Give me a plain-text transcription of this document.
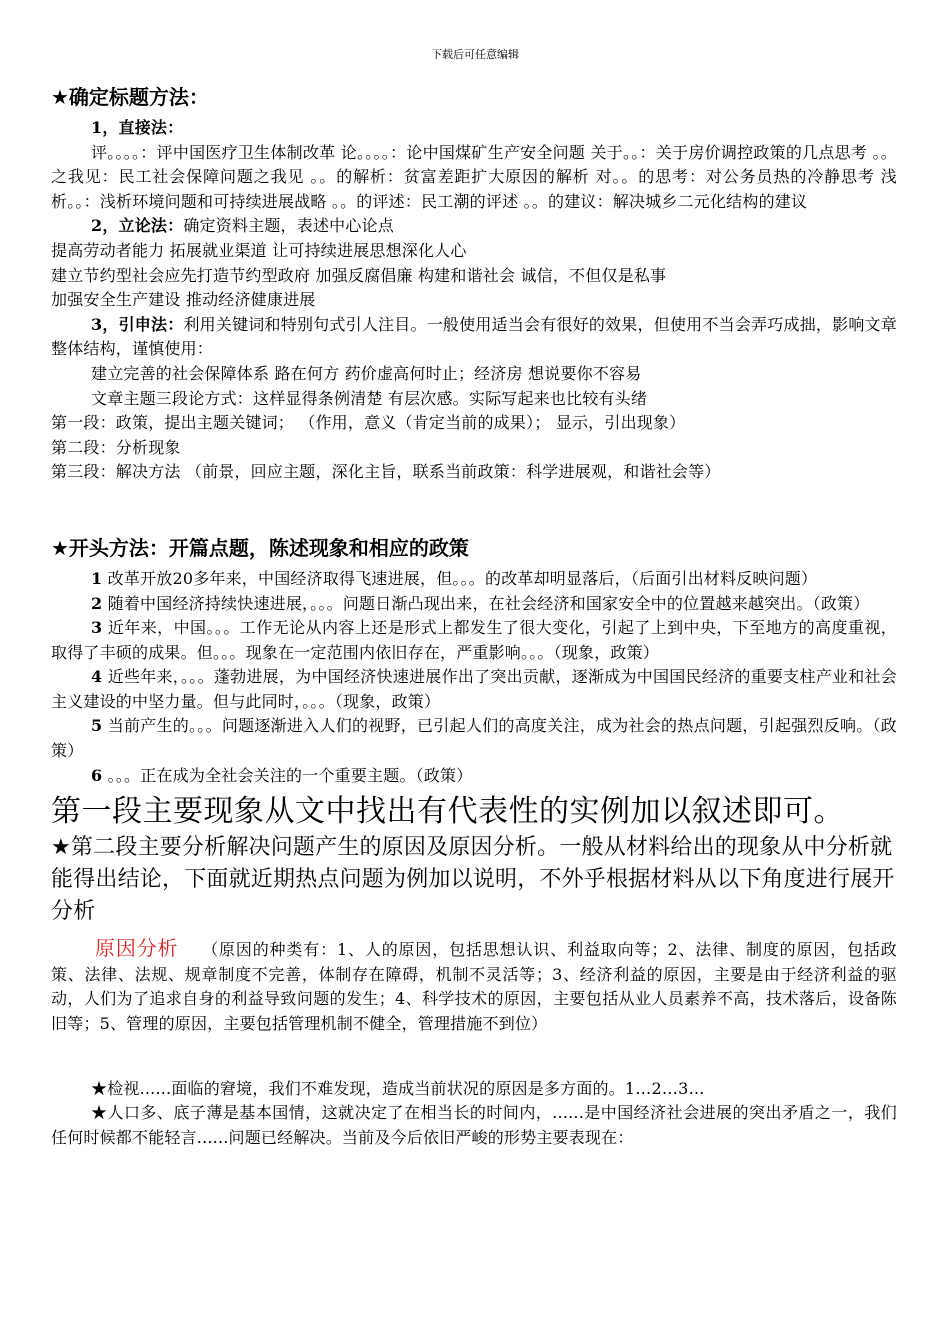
下载后可任意编辑
★确定标题方法：

1，直接法：

评。。。。：评中国医疗卫生体制改革 论。。。。：论中国煤矿生产安全问题 关于。。：关于房价调控政策的几点思考 。。之我见：民工社会保障问题之我见 。。的解析：贫富差距扩大原因的解析 对。。的思考：对公务员热的冷静思考 浅析。。：浅析环境问题和可持续进展战略 。。的评述：民工潮的评述 。。的建议：解决城乡二元化结构的建议

2，立论法：确定资料主题，表述中心论点

提高劳动者能力 拓展就业渠道 让可持续进展思想深化人心

建立节约型社会应先打造节约型政府 加强反腐倡廉 构建和谐社会 诚信，不但仅是私事

加强安全生产建设 推动经济健康进展

3，引申法：利用关键词和特别句式引人注目。一般使用适当会有很好的效果，但使用不当会弄巧成拙，影响文章整体结构，谨慎使用：

建立完善的社会保障体系 路在何方 药价虚高何时止；经济房 想说要你不容易

文章主题三段论方式：这样显得条例清楚 有层次感。实际写起来也比较有头绪

第一段：政策，提出主题关键词； （作用，意义（肯定当前的成果）； 显示，引出现象）

第二段：分析现象

第三段：解决方法 （前景，回应主题，深化主旨，联系当前政策：科学进展观，和谐社会等）

★开头方法：开篇点题，陈述现象和相应的政策

1 改革开放20多年来，中国经济取得飞速进展，但。。。的改革却明显落后，（后面引出材料反映问题）

2 随着中国经济持续快速进展，。。。问题日渐凸现出来，在社会经济和国家安全中的位置越来越突出。（政策）

3 近年来，中国。。。工作无论从内容上还是形式上都发生了很大变化，引起了上到中央，下至地方的高度重视，取得了丰硕的成果。但。。。现象在一定范围内依旧存在，严重影响。。。（现象，政策）

4 近些年来，。。。蓬勃进展，为中国经济快速进展作出了突出贡献，逐渐成为中国国民经济的重要支柱产业和社会主义建设的中坚力量。但与此同时，。。。（现象，政策）

5 当前产生的。。。问题逐渐进入人们的视野，已引起人们的高度关注，成为社会的热点问题，引起强烈反响。（政策）

6 。。。正在成为全社会关注的一个重要主题。（政策）

第一段主要现象从文中找出有代表性的实例加以叙述即可。

★第二段主要分析解决问题产生的原因及原因分析。一般从材料给出的现象从中分析就能得出结论，下面就近期热点问题为例加以说明，不外乎根据材料从以下角度进行展开分析

原因分析 （原因的种类有：1、人的原因，包括思想认识、利益取向等；2、法律、制度的原因，包括政策、法律、法规、规章制度不完善，体制存在障碍，机制不灵活等；3、经济利益的原因，主要是由于经济利益的驱动，人们为了追求自身的利益导致问题的发生；4、科学技术的原因，主要包括从业人员素养不高，技术落后，设备陈旧等；5、管理的原因，主要包括管理机制不健全，管理措施不到位）

★检视......面临的窘境，我们不难发现，造成当前状况的原因是多方面的。1…2…3…

★人口多、底子薄是基本国情，这就决定了在相当长的时间内，......是中国经济社会进展的突出矛盾之一，我们任何时候都不能轻言......问题已经解决。当前及今后依旧严峻的形势主要表现在：
